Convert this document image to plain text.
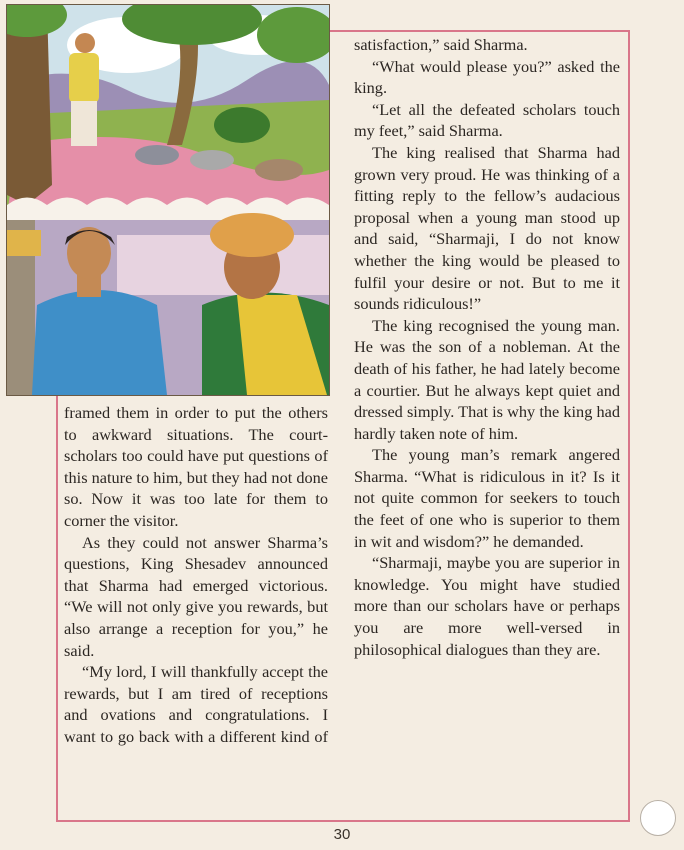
framed them in order to put the others to awkward situations. The court-scholars too could have put questions of this nature to him, but they had not done so. Now it was too late for them to corner the visitor.

As they could not answer Sharma’s questions, King Shesadev announced that Sharma had emerged victorious. “We will not only give you rewards, but also arrange a reception for you,” he said.

“My lord, I will thankfully accept the rewards, but I am tired of receptions and ovations and congratulations. I want to go back with a different kind of

satisfaction,” said Sharma.

“What would please you?” asked the king.

“Let all the defeated scholars touch my feet,” said Sharma.

The king realised that Sharma had grown very proud. He was thinking of a fitting reply to the fellow’s audacious proposal when a young man stood up and said, “Sharmaji, I do not know whether the king would be pleased to fulfil your desire or not. But to me it sounds ridiculous!”

The king recognised the young man. He was the son of a nobleman. At the death of his father, he had lately become a courtier. But he always kept quiet and dressed simply. That is why the king had hardly taken note of him.

The young man’s remark angered Sharma. “What is ridiculous in it? Is it not quite common for seekers to touch the feet of one who is superior to them in wit and wisdom?” he demanded.

“Sharmaji, maybe you are superior in knowledge. You might have studied more than our scholars have or perhaps you are more well-versed in philosophical dialogues than they are.

30
